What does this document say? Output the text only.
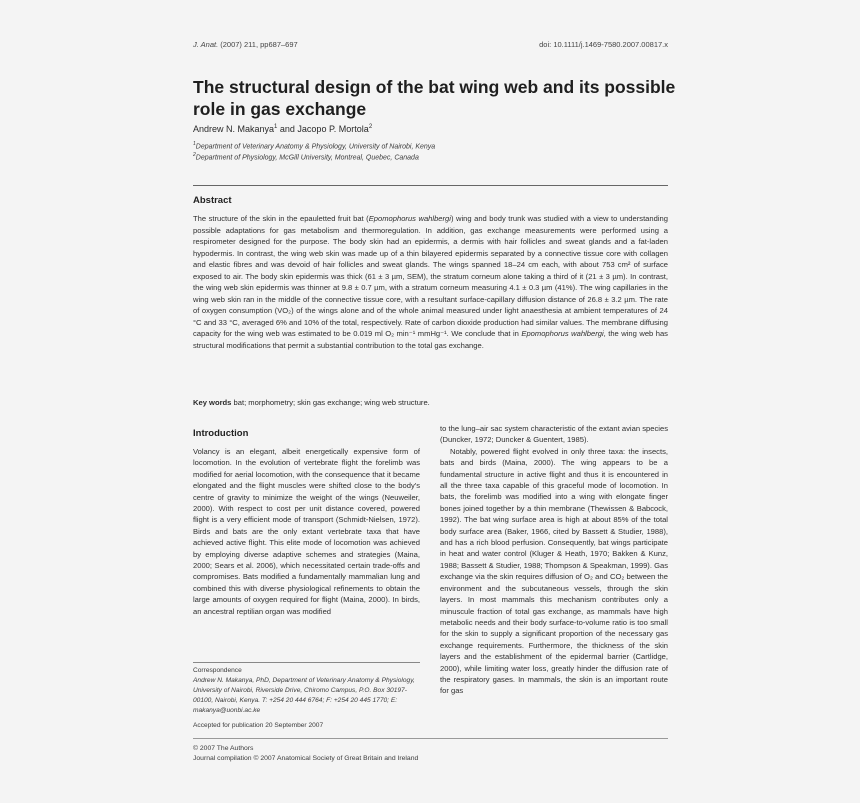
J. Anat. (2007) 211, pp687–697	doi: 10.1111/j.1469-7580.2007.00817.x
The structural design of the bat wing web and its possible role in gas exchange
Andrew N. Makanya$^1$ and Jacopo P. Mortola$^2$
$^1$Department of Veterinary Anatomy & Physiology, University of Nairobi, Kenya
$^2$Department of Physiology, McGill University, Montreal, Quebec, Canada
Abstract
The structure of the skin in the epauletted fruit bat (Epomophorus wahlbergi) wing and body trunk was studied with a view to understanding possible adaptations for gas metabolism and thermoregulation. In addition, gas exchange measurements were performed using a respirometer designed for the purpose. The body skin had an epidermis, a dermis with hair follicles and sweat glands and a fat-laden hypodermis. In contrast, the wing web skin was made up of a thin bilayered epidermis separated by a connective tissue core with collagen and elastic fibres and was devoid of hair follicles and sweat glands. The wings spanned 18–24 cm each, with about 753 cm² of surface exposed to air. The body skin epidermis was thick (61 ± 3 µm, SEM), the stratum corneum alone taking a third of it (21 ± 3 µm). In contrast, the wing web skin epidermis was thinner at 9.8 ± 0.7 µm, with a stratum corneum measuring 4.1 ± 0.3 µm (41%). The wing capillaries in the wing web skin ran in the middle of the connective tissue core, with a resultant surface-capillary diffusion distance of 26.8 ± 3.2 µm. The rate of oxygen consumption (VO₂) of the wings alone and of the whole animal measured under light anaesthesia at ambient temperatures of 24 °C and 33 °C, averaged 6% and 10% of the total, respectively. Rate of carbon dioxide production had similar values. The membrane diffusing capacity for the wing web was estimated to be 0.019 ml O₂ min⁻¹ mmHg⁻¹. We conclude that in Epomophorus wahlbergi, the wing web has structural modifications that permit a substantial contribution to the total gas exchange.
Key words bat; morphometry; skin gas exchange; wing web structure.
Introduction

Volancy is an elegant, albeit energetically expensive form of locomotion. In the evolution of vertebrate flight the forelimb was modified for aerial locomotion, with the consequence that it became elongated and the flight muscles were shifted close to the body's centre of gravity to minimize the weight of the wings (Neuweiler, 2000). With respect to cost per unit distance covered, powered flight is a very efficient mode of transport (Schmidt-Nielsen, 1972). Birds and bats are the only extant vertebrate taxa that have achieved active flight. This elite mode of locomotion was achieved by employing diverse adaptive schemes and strategies (Maina, 2000; Sears et al. 2006), which necessitated certain trade-offs and compromises. Bats modified a fundamentally mammalian lung and combined this with diverse physiological refinements to obtain the large amounts of oxygen required for flight (Maina, 2000). In birds, an ancestral reptilian organ was modified

to the lung–air sac system characteristic of the extant avian species (Duncker, 1972; Duncker & Guentert, 1985).

Notably, powered flight evolved in only three taxa: the insects, bats and birds (Maina, 2000). The wing appears to be a fundamental structure in active flight and thus it is encountered in all the three taxa capable of this graceful mode of locomotion. In bats, the forelimb was modified into a wing with elongate finger bones joined together by a thin membrane (Thewissen & Babcock, 1992). The bat wing surface area is high at about 85% of the total body surface area (Baker, 1966, cited by Bassett & Studier, 1988), and has a rich blood perfusion. Consequently, bat wings participate in heat and water control (Kluger & Heath, 1970; Bakken & Kunz, 1988; Bassett & Studier, 1988; Thompson & Speakman, 1999). Gas exchange via the skin requires diffusion of O₂ and CO₂ between the environment and the subcutaneous vessels, through the skin layers. In most mammals this mechanism contributes only a minuscule fraction of total gas exchange, as mammals have high metabolic needs and their body surface-to-volume ratio is too small for the skin to supply a significant proportion of the necessary gas exchange requirements. Furthermore, the thickness of the skin layers and the establishment of the epidermal barrier (Cartlidge, 2000), while limiting water loss, greatly hinder the diffusion rate of the respiratory gases. In mammals, the skin is an important route for gas

Correspondence
Andrew N. Makanya, PhD, Department of Veterinary Anatomy & Physiology, University of Nairobi, Riverside Drive, Chiromo Campus, P.O. Box 30197-00100, Nairobi, Kenya. T: +254 20 444 6764; F: +254 20 445 1770; E: makanya@uonbi.ac.ke
Accepted for publication 20 September 2007
© 2007 The Authors
Journal compilation © 2007 Anatomical Society of Great Britain and Ireland
